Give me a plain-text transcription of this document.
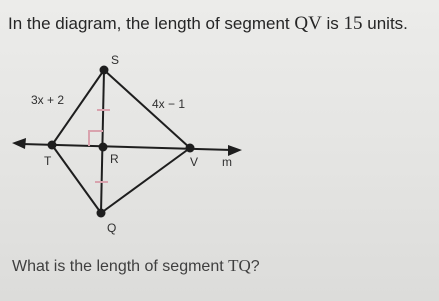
In the diagram, the length of segment QV is 15 units.
S
T	R	V
Q
m
3x + 2	4x − 1
What is the length of segment TQ?
